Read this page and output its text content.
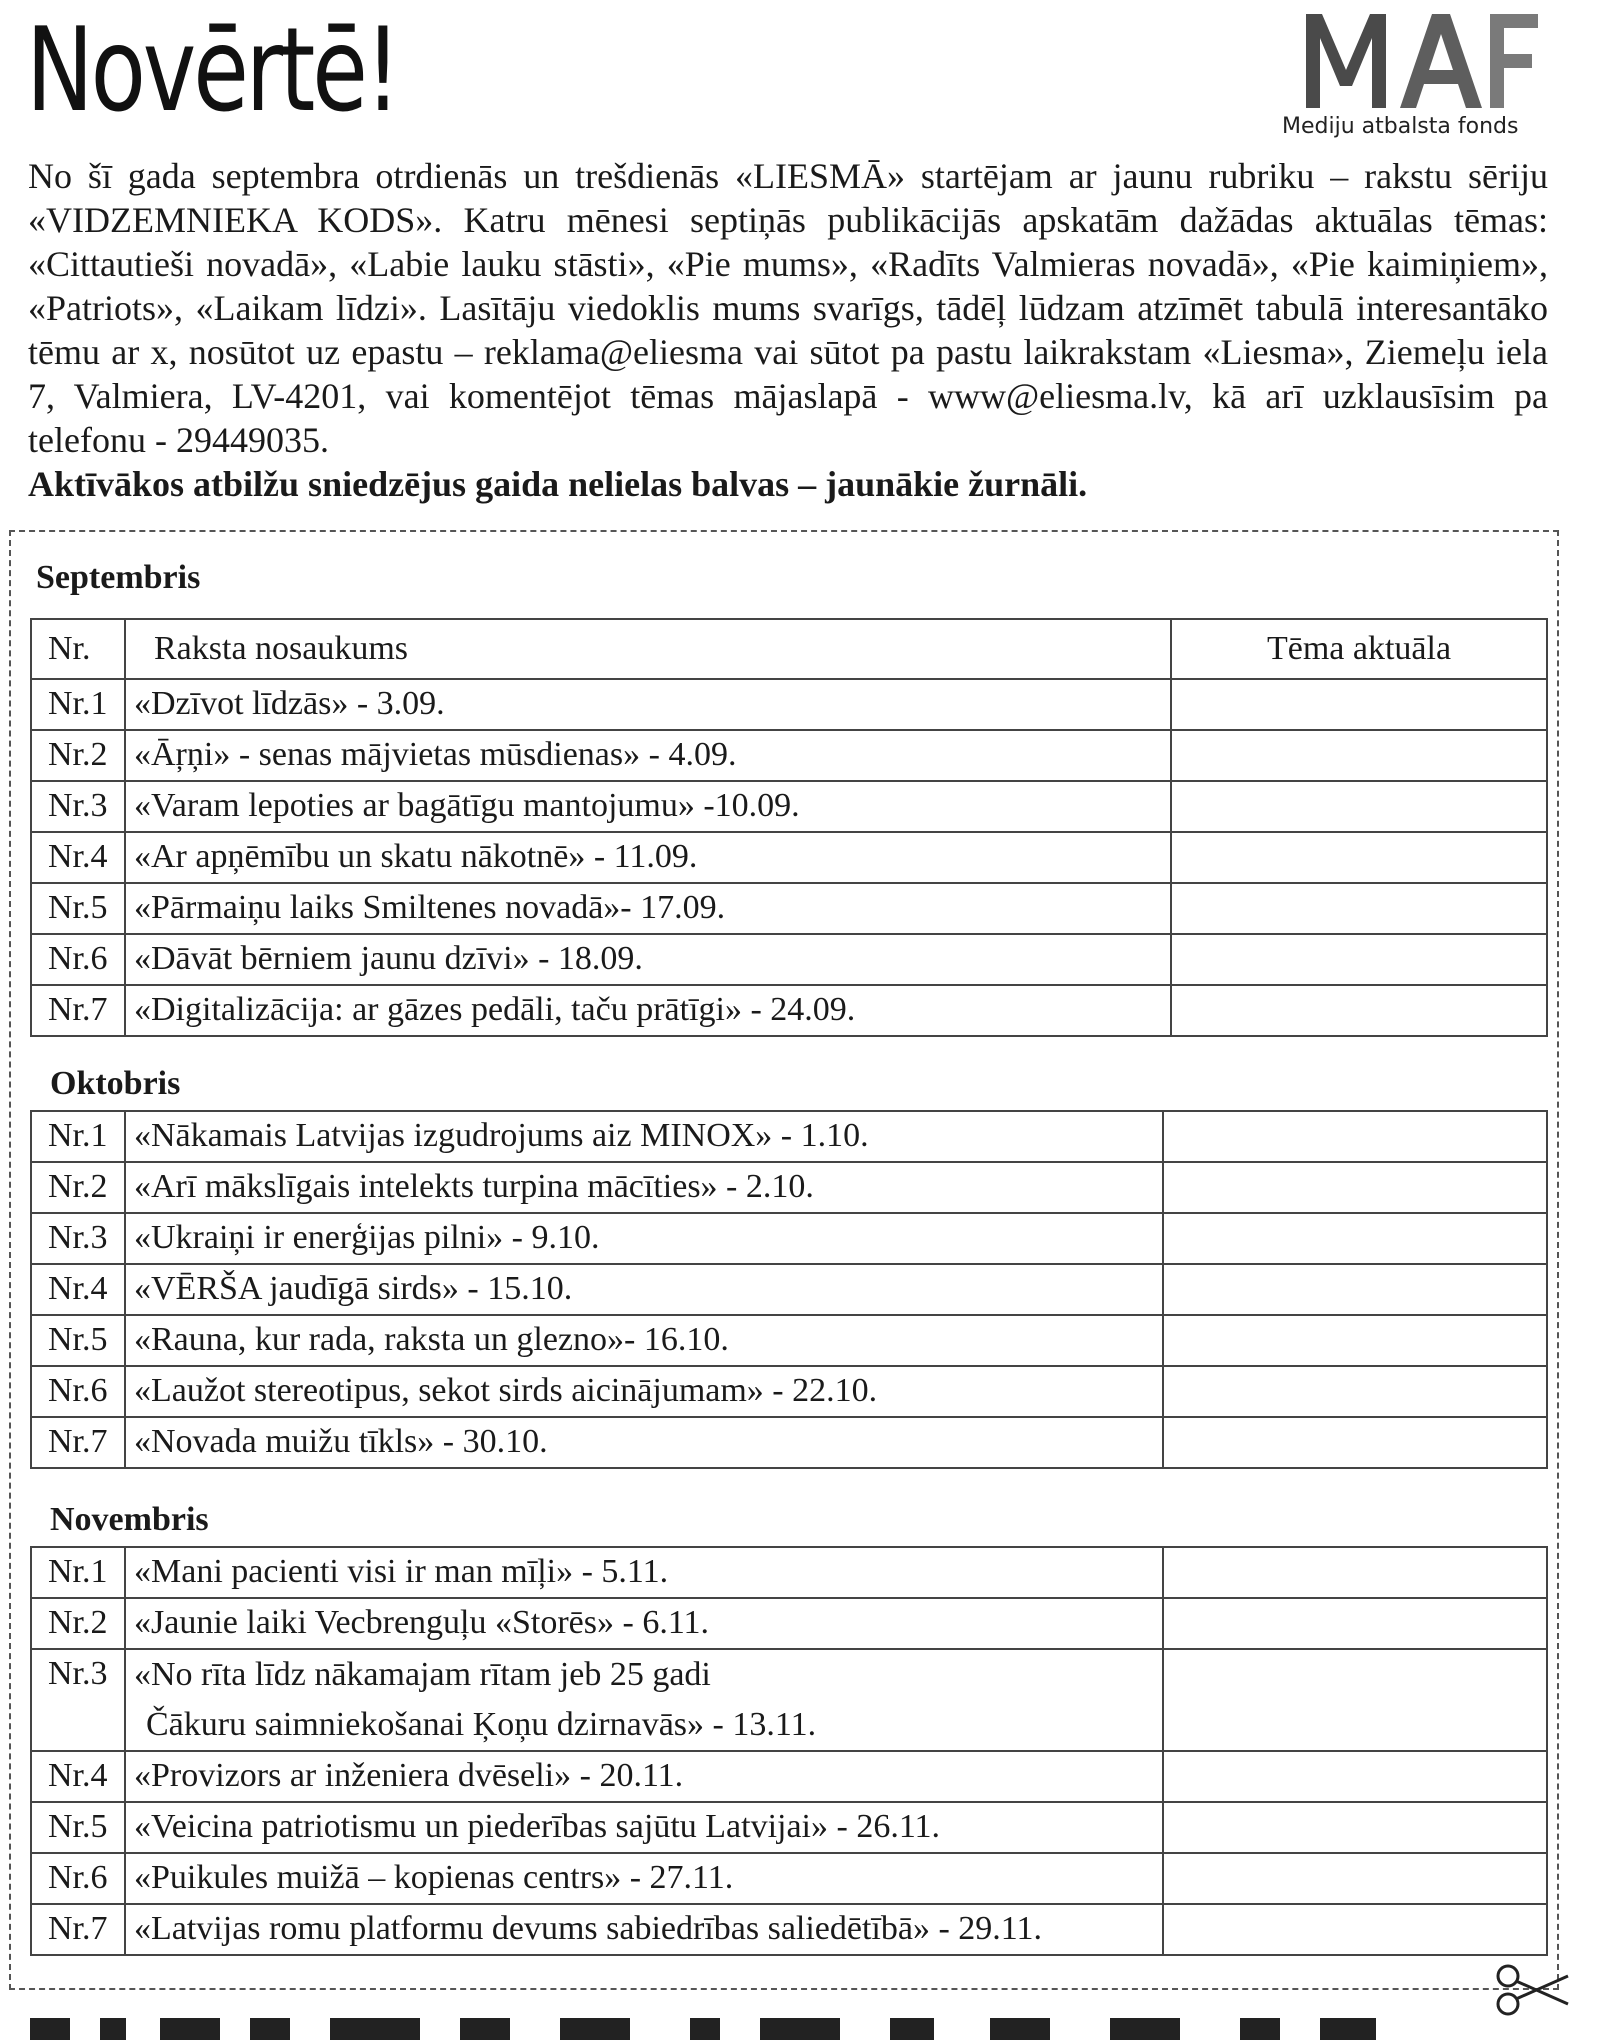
Novērtē!	Mediju atbalsta fonds

No šī gada septembra otrdienās un trešdienās «LIESMĀ» startējam ar jaunu rubriku – rakstu sēriju «VIDZEMNIEKA KODS». Katru mēnesi septiņās publikācijās apskatām dažādas aktuālas tēmas: «Cittautieši novadā», «Labie lauku stāsti», «Pie mums», «Radīts Valmieras novadā», «Pie kaimiņiem», «Patriots», «Laikam līdzi». Lasītāju viedoklis mums svarīgs, tādēļ lūdzam atzīmēt tabulā interesantāko tēmu ar x, nosūtot uz epastu – reklama@eliesma vai sūtot pa pastu laikrakstam «Liesma», Ziemeļu iela 7, Valmiera, LV-4201, vai komentējot tēmas mājaslapā - www@eliesma.lv, kā arī uzklausīsim pa telefonu - 29449035.
Aktīvākos atbilžu sniedzējus gaida nelielas balvas – jaunākie žurnāli.

Septembris
Nr.	Raksta nosaukums	Tēma aktuāla
Nr.1	«Dzīvot līdzās» - 3.09.	
Nr.2	«Āŗņi» - senas mājvietas mūsdienas» - 4.09.	
Nr.3	«Varam lepoties ar bagātīgu mantojumu» -10.09.	
Nr.4	«Ar apņēmību un skatu nākotnē» - 11.09.	
Nr.5	«Pārmaiņu laiks Smiltenes novadā»- 17.09.	
Nr.6	«Dāvāt bērniem jaunu dzīvi» - 18.09.	
Nr.7	«Digitalizācija: ar gāzes pedāli, taču prātīgi» - 24.09.	
Oktobris
Nr.1	«Nākamais Latvijas izgudrojums aiz MINOX» - 1.10.	
Nr.2	«Arī mākslīgais intelekts turpina mācīties» - 2.10.	
Nr.3	«Ukraiņi ir enerģijas pilni» - 9.10.	
Nr.4	«VĒRŠA jaudīgā sirds» - 15.10.	
Nr.5	«Rauna, kur rada, raksta un glezno»- 16.10.	
Nr.6	«Laužot stereotipus, sekot sirds aicinājumam» - 22.10.	
Nr.7	«Novada muižu tīkls» - 30.10.	
Novembris
Nr.1	«Mani pacienti visi ir man mīļi» - 5.11.	
Nr.2	«Jaunie laiki Vecbrenguļu «Storēs» - 6.11.	
Nr.3	«No rīta līdz nākamajam rītam jeb 25 gadi
Čākuru saimniekošanai Ķoņu dzirnavās» - 13.11.	
Nr.4	«Provizors ar inženiera dvēseli» - 20.11.	
Nr.5	«Veicina patriotismu un piederības sajūtu Latvijai» - 26.11.	
Nr.6	«Puikules muižā – kopienas centrs» - 27.11.	
Nr.7	«Latvijas romu platformu devums sabiedrības saliedētībā» - 29.11.	
